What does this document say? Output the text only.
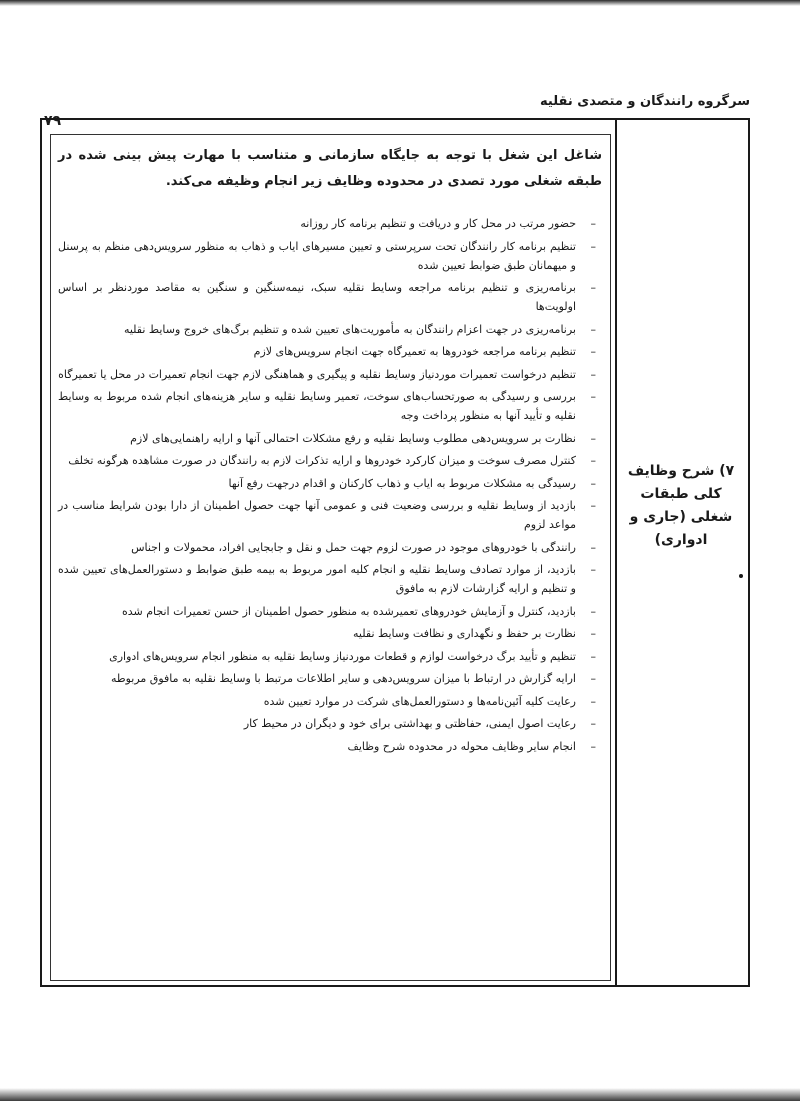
سرگروه رانندگان و متصدی نقلیه
۷۹
۷) شرح وظایف کلی طبقات شغلی (جاری و ادواری)
شاغل این شغل با توجه به جایگاه سازمانی و متناسب با مهارت پیش بینی شده در طبقه شغلی مورد تصدی در محدوده وظایف زیر انجام وظیفه می‌کند.
–
حضور مرتب در محل کار و دریافت و تنظیم برنامه کار روزانه
–
تنظیم برنامه کار رانندگان تحت سرپرستی و تعیین مسیرهای ایاب و ذهاب به منظور سرویس‌دهی منظم به پرسنل و میهمانان طبق ضوابط تعیین شده
–
برنامه‌ریزی و تنظیم برنامه مراجعه وسایط نقلیه سبک، نیمه‌سنگین و سنگین به مقاصد موردنظر بر اساس اولویت‌ها
–
برنامه‌ریزی در جهت اعزام رانندگان به مأموریت‌های تعیین شده و تنظیم برگ‌های خروج وسایط نقلیه
–
تنظیم برنامه مراجعه خودروها به تعمیرگاه جهت انجام سرویس‌های لازم
–
تنظیم درخواست تعمیرات موردنیاز وسایط نقلیه و پیگیری و هماهنگی لازم جهت انجام تعمیرات در محل یا تعمیرگاه
–
بررسی و رسیدگی به صورتحساب‌های سوخت، تعمیر وسایط نقلیه و سایر هزینه‌های انجام شده مربوط به وسایط نقلیه و تأیید آنها به منظور پرداخت وجه
–
نظارت بر سرویس‌دهی مطلوب وسایط نقلیه و رفع مشکلات احتمالی آنها و ارایه راهنمایی‌های لازم
–
کنترل مصرف سوخت و میزان کارکرد خودروها و ارایه تذکرات لازم به رانندگان در صورت مشاهده هرگونه تخلف
–
رسیدگی به مشکلات مربوط به ایاب و ذهاب کارکنان و اقدام درجهت رفع آنها
–
بازدید از وسایط نقلیه و بررسی وضعیت فنی و عمومی آنها جهت حصول اطمینان از دارا بودن شرایط مناسب در مواعد لزوم
–
رانندگی با خودروهای موجود در صورت لزوم جهت حمل و نقل و جابجایی افراد، محمولات و اجناس
–
بازدید، از موارد تصادف وسایط نقلیه و انجام کلیه امور مربوط به بیمه طبق ضوابط و دستورالعمل‌های تعیین شده و تنظیم و ارایه گزارشات لازم به مافوق
–
بازدید، کنترل و آزمایش خودروهای تعمیرشده به منظور حصول اطمینان از حسن تعمیرات انجام شده
–
نظارت بر حفظ و نگهداری و نظافت وسایط نقلیه
–
تنظیم و تأیید برگ درخواست لوازم و قطعات موردنیاز وسایط نقلیه به منظور انجام سرویس‌های ادواری
–
ارایه گزارش در ارتباط با میزان سرویس‌دهی و سایر اطلاعات مرتبط با وسایط نقلیه به مافوق مربوطه
–
رعایت کلیه آئین‌نامه‌ها و دستورالعمل‌های شرکت در موارد تعیین شده
–
رعایت اصول ایمنی، حفاظتی و بهداشتی برای خود و دیگران در محیط کار
–
انجام سایر وظایف محوله در محدوده شرح وظایف
